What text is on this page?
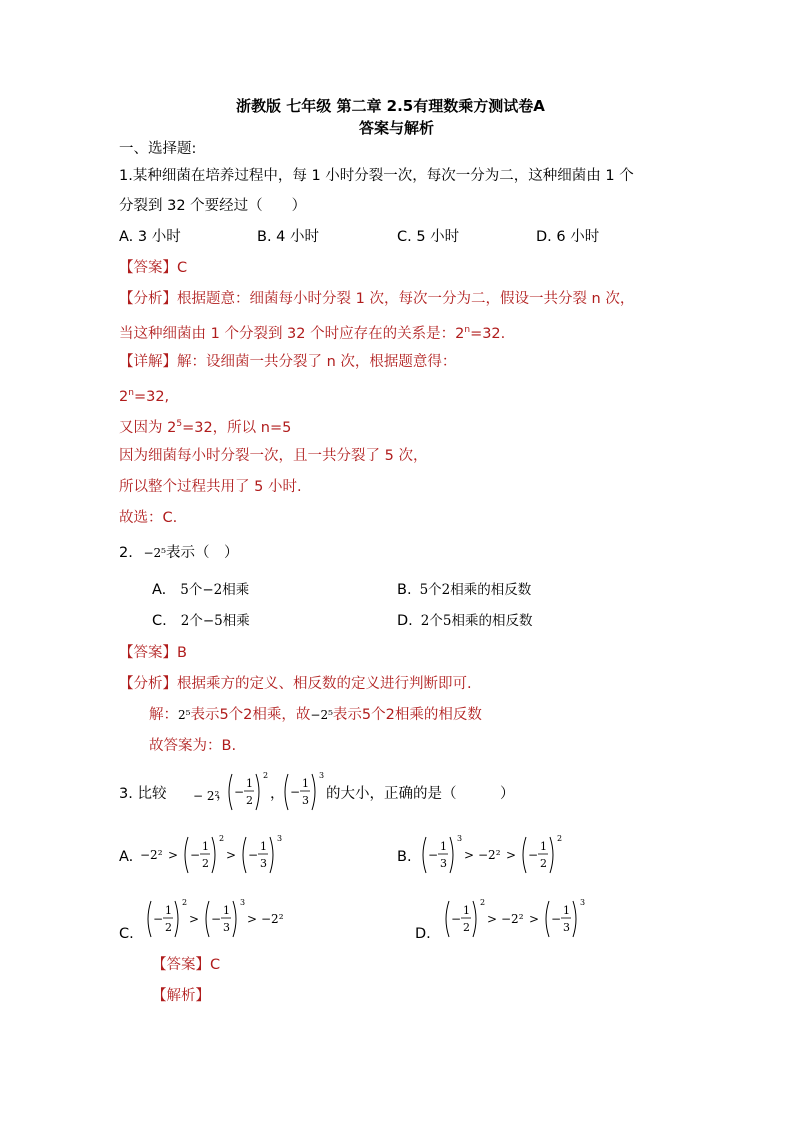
浙教版 七年级 第二章 2.5有理数乘方测试卷A
答案与解析
一、选择题:
1.某种细菌在培养过程中，每 1 小时分裂一次，每次一分为二，这种细菌由 1 个
分裂到 32 个要经过（　　）
A. 3 小时	B. 4 小时	C. 5 小时	D. 6 小时
【答案】C
【分析】根据题意：细菌每小时分裂 1 次，每次一分为二，假设一共分裂 n 次，
当这种细菌由 1 个分裂到 32 个时应存在的关系是：$2^n=32$.
【详解】解：设细菌一共分裂了 n 次，根据题意得：
$2^n=32$,
又因为 $2^5=32$，所以 n=5
因为细菌每小时分裂一次，且一共分裂了 5 次，
所以整个过程共用了 5 小时.
故选：C.
2. −2⁵表示（　）
A. 5个−2相乘	B. 5个2相乘的相反数
C. 2个−5相乘	D. 2个5相乘的相反数
【答案】B
【分析】根据乘方的定义、相反数的定义进行判断即可.
解：2⁵表示5个2相乘，故−2⁵表示5个2相乘的相反数
故答案为：B.
3. 比较 − 2²
， −
1
2
2
， −
1
3
3
的大小，正确的是（　　　）
A. −2² > −
1
2
2
> −
1
3
3
B. −
1
3
3
> −2² > −
1
2
2
C.
−
1
2
2
> −
1
3
3
> −2²
D.
−
1
2
2
> −2² > −
1
3
3
【答案】C
【解析】
